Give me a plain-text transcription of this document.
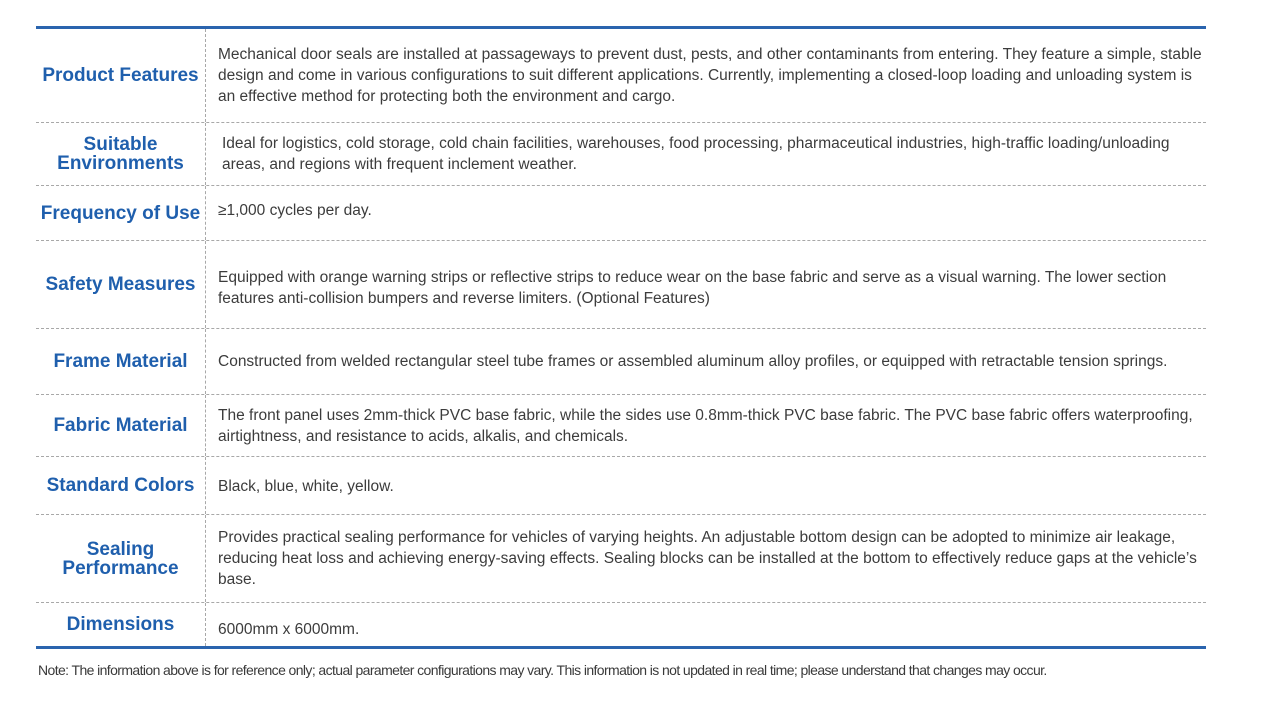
Product Features
Mechanical door seals are installed at passageways to prevent dust, pests, and other contaminants from entering. They feature a simple, stable design and come in various configurations to suit different applications. Currently, implementing a closed-loop loading and unloading system is an effective method for protecting both the environment and cargo.
Suitable Environments
Ideal for logistics, cold storage, cold chain facilities, warehouses, food processing, pharmaceutical industries, high-traffic loading/unloading areas, and regions with frequent inclement weather.
Frequency of Use ≥1,000 cycles per day.
Safety Measures Equipped with orange warning strips or reflective strips to reduce wear on the base fabric and serve as a visual warning. The lower section features anti-collision bumpers and reverse limiters. (Optional Features)
Frame Material Constructed from welded rectangular steel tube frames or assembled aluminum alloy profiles, or equipped with retractable tension springs.
Fabric Material The front panel uses 2mm-thick PVC base fabric, while the sides use 0.8mm-thick PVC base fabric. The PVC base fabric offers waterproofing, airtightness, and resistance to acids, alkalis, and chemicals.
Standard Colors Black, blue, white, yellow.
Sealing Performance
Provides practical sealing performance for vehicles of varying heights. An adjustable bottom design can be adopted to minimize air leakage, reducing heat loss and achieving energy-saving effects. Sealing blocks can be installed at the bottom to effectively reduce gaps at the vehicle’s base.
Dimensions	6000mm x 6000mm.
Note: The information above is for reference only; actual parameter configurations may vary. This information is not updated in real time; please understand that changes may occur.
